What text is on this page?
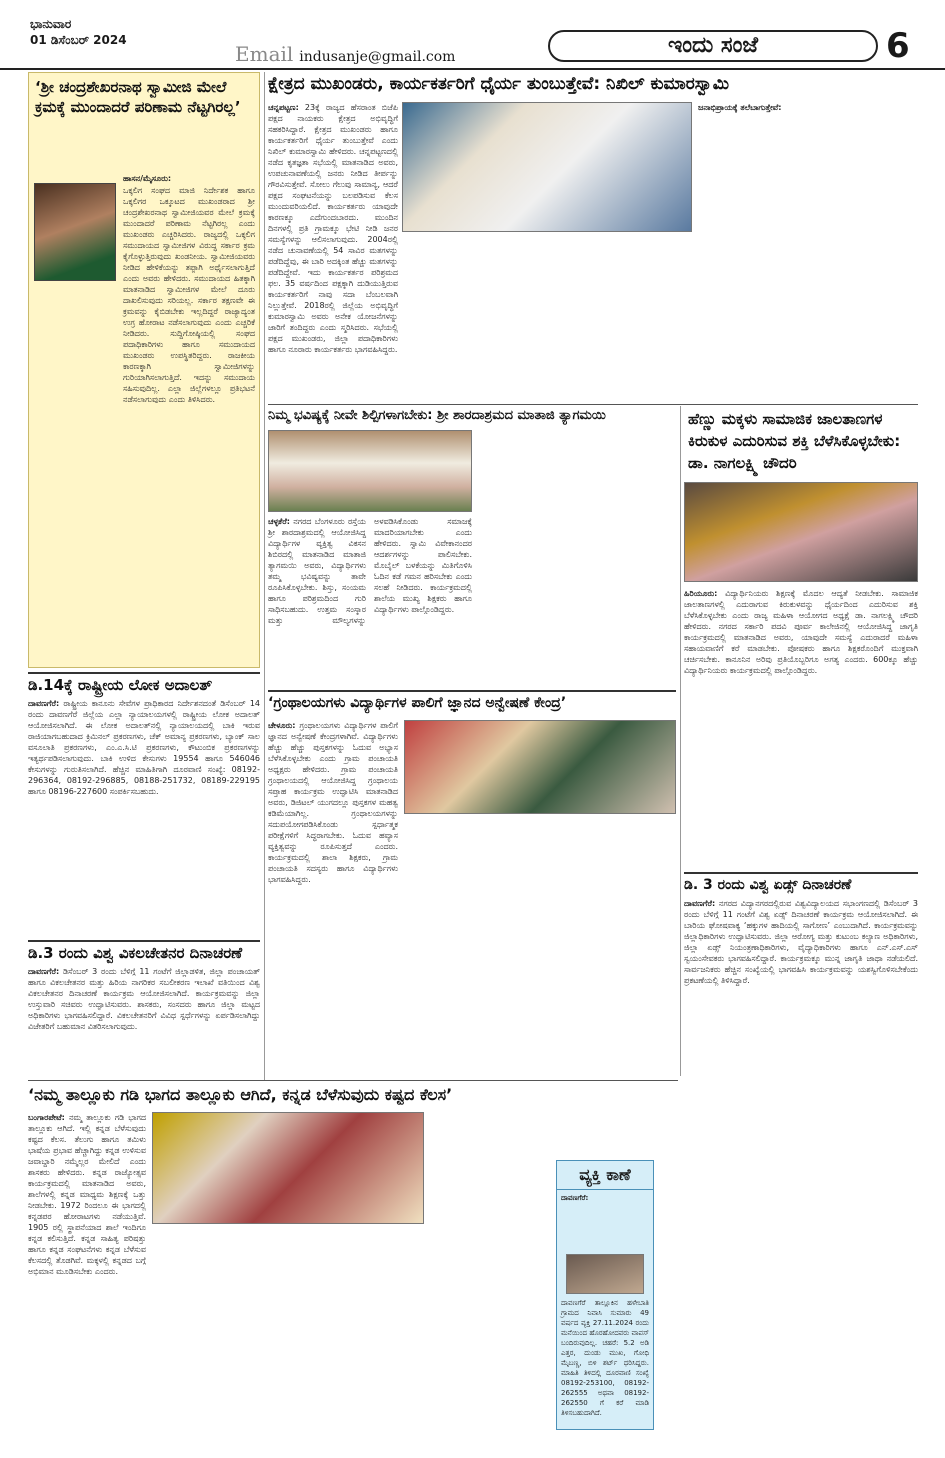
ಭಾನುವಾರ
01 ಡಿಸೆಂಬರ್ 2024
Email indusanje@gmail.com	ಇಂದು ಸಂಜೆ	6
‘ಶ್ರೀ ಚಂದ್ರಶೇಖರನಾಥ ಸ್ವಾಮೀಜಿ ಮೇಲೆ ಕ್ರಮಕ್ಕೆ ಮುಂದಾದರೆ ಪರಿಣಾಮ ನೆಟ್ಟಗಿರಲ್ಲ’
ಹಾಸನ/ಮೈಸೂರು:
ಒಕ್ಕಲಿಗ ಸಂಘದ ಮಾಜಿ ನಿರ್ದೇಶಕ ಹಾಗೂ ಒಕ್ಕಲಿಗರ ಒಕ್ಕೂಟದ ಮುಖಂಡರಾದ ಶ್ರೀ ಚಂದ್ರಶೇಖರನಾಥ ಸ್ವಾಮೀಜಿಯವರ ಮೇಲೆ ಕ್ರಮಕ್ಕೆ ಮುಂದಾದರೆ ಪರಿಣಾಮ ನೆಟ್ಟಗಿರಲ್ಲ ಎಂದು ಮುಖಂಡರು ಎಚ್ಚರಿಸಿದರು. ರಾಜ್ಯದಲ್ಲಿ ಒಕ್ಕಲಿಗ ಸಮುದಾಯದ ಸ್ವಾಮೀಜಿಗಳ ವಿರುದ್ಧ ಸರ್ಕಾರ ಕ್ರಮ ಕೈಗೊಳ್ಳುತ್ತಿರುವುದು ಖಂಡನೀಯ. ಸ್ವಾಮೀಜಿಯವರು ನೀಡಿದ ಹೇಳಿಕೆಯನ್ನು ತಪ್ಪಾಗಿ ಅರ್ಥೈಸಲಾಗುತ್ತಿದೆ ಎಂದು ಅವರು ಹೇಳಿದರು. ಸಮುದಾಯದ ಹಿತಕ್ಕಾಗಿ ಮಾತನಾಡಿದ ಸ್ವಾಮೀಜಿಗಳ ಮೇಲೆ ದೂರು ದಾಖಲಿಸುವುದು ಸರಿಯಲ್ಲ. ಸರ್ಕಾರ ತಕ್ಷಣವೇ ಈ ಕ್ರಮವನ್ನು ಕೈಬಿಡಬೇಕು ಇಲ್ಲದಿದ್ದರೆ ರಾಜ್ಯಾದ್ಯಂತ ಉಗ್ರ ಹೋರಾಟ ನಡೆಸಲಾಗುವುದು ಎಂದು ಎಚ್ಚರಿಕೆ ನೀಡಿದರು. ಸುದ್ದಿಗೋಷ್ಠಿಯಲ್ಲಿ ಸಂಘದ ಪದಾಧಿಕಾರಿಗಳು ಹಾಗೂ ಸಮುದಾಯದ ಮುಖಂಡರು ಉಪಸ್ಥಿತರಿದ್ದರು. ರಾಜಕೀಯ ಕಾರಣಕ್ಕಾಗಿ ಸ್ವಾಮೀಜಿಗಳನ್ನು ಗುರಿಯಾಗಿಸಲಾಗುತ್ತಿದೆ. ಇದನ್ನು ಸಮುದಾಯ ಸಹಿಸುವುದಿಲ್ಲ. ಎಲ್ಲಾ ಜಿಲ್ಲೆಗಳಲ್ಲೂ ಪ್ರತಿಭಟನೆ ನಡೆಸಲಾಗುವುದು ಎಂದು ತಿಳಿಸಿದರು.
ಡಿ.14ಕ್ಕೆ ರಾಷ್ಟ್ರೀಯ ಲೋಕ ಅದಾಲತ್
ದಾವಣಗೆರೆ: ರಾಷ್ಟ್ರೀಯ ಕಾನೂನು ಸೇವೆಗಳ ಪ್ರಾಧಿಕಾರದ ನಿರ್ದೇಶನದಂತೆ ಡಿಸೆಂಬರ್ 14 ರಂದು ದಾವಣಗೆರೆ ಜಿಲ್ಲೆಯ ಎಲ್ಲಾ ನ್ಯಾಯಾಲಯಗಳಲ್ಲಿ ರಾಷ್ಟ್ರೀಯ ಲೋಕ ಅದಾಲತ್ ಆಯೋಜಿಸಲಾಗಿದೆ. ಈ ಲೋಕ ಅದಾಲತ್‌ನಲ್ಲಿ ನ್ಯಾಯಾಲಯದಲ್ಲಿ ಬಾಕಿ ಇರುವ ರಾಜಿಯಾಗಬಹುದಾದ ಕ್ರಿಮಿನಲ್ ಪ್ರಕರಣಗಳು, ಚೆಕ್ ಅಮಾನ್ಯ ಪ್ರಕರಣಗಳು, ಬ್ಯಾಂಕ್ ಸಾಲ ವಸೂಲಾತಿ ಪ್ರಕರಣಗಳು, ಎಂ.ಎ.ಸಿ.ಟಿ ಪ್ರಕರಣಗಳು, ಕೌಟುಂಬಿಕ ಪ್ರಕರಣಗಳನ್ನು ಇತ್ಯರ್ಥಪಡಿಸಲಾಗುವುದು. ಬಾಕಿ ಉಳಿದ ಕೇಸುಗಳು 19554 ಹಾಗೂ 546046 ಕೇಸುಗಳನ್ನು ಗುರುತಿಸಲಾಗಿದೆ. ಹೆಚ್ಚಿನ ಮಾಹಿತಿಗಾಗಿ ದೂರವಾಣಿ ಸಂಖ್ಯೆ: 08192-296364, 08192-296885, 08188-251732, 08189-229195 ಹಾಗೂ 08196-227600 ಸಂಪರ್ಕಿಸಬಹುದು.
ಡಿ.3 ರಂದು ವಿಶ್ವ ವಿಕಲಚೇತನರ ದಿನಾಚರಣೆ
ದಾವಣಗೆರೆ: ಡಿಸೆಂಬರ್ 3 ರಂದು ಬೆಳಿಗ್ಗೆ 11 ಗಂಟೆಗೆ ಜಿಲ್ಲಾಡಳಿತ, ಜಿಲ್ಲಾ ಪಂಚಾಯತ್ ಹಾಗೂ ವಿಕಲಚೇತನರ ಮತ್ತು ಹಿರಿಯ ನಾಗರಿಕರ ಸಬಲೀಕರಣ ಇಲಾಖೆ ವತಿಯಿಂದ ವಿಶ್ವ ವಿಕಲಚೇತನರ ದಿನಾಚರಣೆ ಕಾರ್ಯಕ್ರಮ ಆಯೋಜಿಸಲಾಗಿದೆ. ಕಾರ್ಯಕ್ರಮವನ್ನು ಜಿಲ್ಲಾ ಉಸ್ತುವಾರಿ ಸಚಿವರು ಉದ್ಘಾಟಿಸುವರು. ಶಾಸಕರು, ಸಂಸದರು ಹಾಗೂ ಜಿಲ್ಲಾ ಮಟ್ಟದ ಅಧಿಕಾರಿಗಳು ಭಾಗವಹಿಸಲಿದ್ದಾರೆ. ವಿಕಲಚೇತನರಿಗೆ ವಿವಿಧ ಸ್ಪರ್ಧೆಗಳನ್ನು ಏರ್ಪಡಿಸಲಾಗಿದ್ದು ವಿಜೇತರಿಗೆ ಬಹುಮಾನ ವಿತರಿಸಲಾಗುವುದು.
ಕ್ಷೇತ್ರದ ಮುಖಂಡರು, ಕಾರ್ಯಕರ್ತರಿಗೆ ಧೈರ್ಯ ತುಂಬುತ್ತೇವೆ: ನಿಖಿಲ್ ಕುಮಾರಸ್ವಾಮಿ
ಚನ್ನಪಟ್ಟಣ: 23ಕ್ಕೆ ರಾಜ್ಯದ ಹೆಸರಾಂತ ಬಿಜೆಪಿ ಪಕ್ಷದ ನಾಯಕರು ಕ್ಷೇತ್ರದ ಅಭಿವೃದ್ಧಿಗೆ ಸಹಕರಿಸಿದ್ದಾರೆ. ಕ್ಷೇತ್ರದ ಮುಖಂಡರು ಹಾಗೂ ಕಾರ್ಯಕರ್ತರಿಗೆ ಧೈರ್ಯ ತುಂಬುತ್ತೇವೆ ಎಂದು ನಿಖಿಲ್ ಕುಮಾರಸ್ವಾಮಿ ಹೇಳಿದರು. ಚನ್ನಪಟ್ಟಣದಲ್ಲಿ ನಡೆದ ಕೃತಜ್ಞತಾ ಸಭೆಯಲ್ಲಿ ಮಾತನಾಡಿದ ಅವರು, ಉಪಚುನಾವಣೆಯಲ್ಲಿ ಜನರು ನೀಡಿದ ತೀರ್ಪನ್ನು ಗೌರವಿಸುತ್ತೇವೆ. ಸೋಲು ಗೆಲುವು ಸಾಮಾನ್ಯ, ಆದರೆ ಪಕ್ಷದ ಸಂಘಟನೆಯನ್ನು ಬಲಪಡಿಸುವ ಕೆಲಸ ಮುಂದುವರಿಯಲಿದೆ. ಕಾರ್ಯಕರ್ತರು ಯಾವುದೇ ಕಾರಣಕ್ಕೂ ಎದೆಗುಂದಬಾರದು. ಮುಂದಿನ ದಿನಗಳಲ್ಲಿ ಪ್ರತಿ ಗ್ರಾಮಕ್ಕೂ ಭೇಟಿ ನೀಡಿ ಜನರ ಸಮಸ್ಯೆಗಳನ್ನು ಆಲಿಸಲಾಗುವುದು. 2004ರಲ್ಲಿ ನಡೆದ ಚುನಾವಣೆಯಲ್ಲಿ 54 ಸಾವಿರ ಮತಗಳನ್ನು ಪಡೆದಿದ್ದೆವು, ಈ ಬಾರಿ ಅದಕ್ಕಿಂತ ಹೆಚ್ಚು ಮತಗಳನ್ನು ಪಡೆದಿದ್ದೇವೆ. ಇದು ಕಾರ್ಯಕರ್ತರ ಪರಿಶ್ರಮದ ಫಲ. 35 ವರ್ಷದಿಂದ ಪಕ್ಷಕ್ಕಾಗಿ ದುಡಿಯುತ್ತಿರುವ ಕಾರ್ಯಕರ್ತರಿಗೆ ನಾವು ಸದಾ ಬೆಂಬಲವಾಗಿ ನಿಲ್ಲುತ್ತೇವೆ. 2018ರಲ್ಲಿ ಜಿಲ್ಲೆಯ ಅಭಿವೃದ್ಧಿಗೆ ಕುಮಾರಸ್ವಾಮಿ ಅವರು ಅನೇಕ ಯೋಜನೆಗಳನ್ನು ಜಾರಿಗೆ ತಂದಿದ್ದರು ಎಂದು ಸ್ಮರಿಸಿದರು. ಸಭೆಯಲ್ಲಿ ಪಕ್ಷದ ಮುಖಂಡರು, ಜಿಲ್ಲಾ ಪದಾಧಿಕಾರಿಗಳು ಹಾಗೂ ನೂರಾರು ಕಾರ್ಯಕರ್ತರು ಭಾಗವಹಿಸಿದ್ದರು.
ಜನಾಭಿಪ್ರಾಯಕ್ಕೆ ತಲೆಬಾಗುತ್ತೇವೆ:
ನಿಮ್ಮ ಭವಿಷ್ಯಕ್ಕೆ ನೀವೇ ಶಿಲ್ಪಿಗಳಾಗಬೇಕು: ಶ್ರೀ ಶಾರದಾಶ್ರಮದ ಮಾತಾಜಿ ತ್ಯಾಗಮಯಿ
ಚಳ್ಳಕೆರೆ: ನಗರದ ಬೆಂಗಳೂರು ರಸ್ತೆಯ ಶ್ರೀ ಶಾರದಾಶ್ರಮದಲ್ಲಿ ಆಯೋಜಿಸಿದ್ದ ವಿದ್ಯಾರ್ಥಿಗಳ ವ್ಯಕ್ತಿತ್ವ ವಿಕಸನ ಶಿಬಿರದಲ್ಲಿ ಮಾತನಾಡಿದ ಮಾತಾಜಿ ತ್ಯಾಗಮಯಿ ಅವರು, ವಿದ್ಯಾರ್ಥಿಗಳು ತಮ್ಮ ಭವಿಷ್ಯವನ್ನು ತಾವೇ ರೂಪಿಸಿಕೊಳ್ಳಬೇಕು. ಶಿಸ್ತು, ಸಂಯಮ ಹಾಗೂ ಪರಿಶ್ರಮದಿಂದ ಗುರಿ ಸಾಧಿಸಬಹುದು. ಉತ್ತಮ ಸಂಸ್ಕಾರ ಮತ್ತು ಮೌಲ್ಯಗಳನ್ನು ಅಳವಡಿಸಿಕೊಂಡು ಸಮಾಜಕ್ಕೆ ಮಾದರಿಯಾಗಬೇಕು ಎಂದು ಹೇಳಿದರು. ಸ್ವಾಮಿ ವಿವೇಕಾನಂದರ ಆದರ್ಶಗಳನ್ನು ಪಾಲಿಸಬೇಕು. ಮೊಬೈಲ್ ಬಳಕೆಯನ್ನು ಮಿತಿಗೊಳಿಸಿ ಓದಿನ ಕಡೆ ಗಮನ ಹರಿಸಬೇಕು ಎಂದು ಸಲಹೆ ನೀಡಿದರು. ಕಾರ್ಯಕ್ರಮದಲ್ಲಿ ಶಾಲೆಯ ಮುಖ್ಯ ಶಿಕ್ಷಕರು ಹಾಗೂ ವಿದ್ಯಾರ್ಥಿಗಳು ಪಾಲ್ಗೊಂಡಿದ್ದರು.
‘ಗ್ರಂಥಾಲಯಗಳು ವಿದ್ಯಾರ್ಥಿಗಳ ಪಾಲಿಗೆ ಜ್ಞಾನದ ಅನ್ವೇಷಣೆ ಕೇಂದ್ರ’
ಚೇಳೂರು: ಗ್ರಂಥಾಲಯಗಳು ವಿದ್ಯಾರ್ಥಿಗಳ ಪಾಲಿಗೆ ಜ್ಞಾನದ ಅನ್ವೇಷಣೆ ಕೇಂದ್ರಗಳಾಗಿವೆ. ವಿದ್ಯಾರ್ಥಿಗಳು ಹೆಚ್ಚು ಹೆಚ್ಚು ಪುಸ್ತಕಗಳನ್ನು ಓದುವ ಅಭ್ಯಾಸ ಬೆಳೆಸಿಕೊಳ್ಳಬೇಕು ಎಂದು ಗ್ರಾಮ ಪಂಚಾಯತಿ ಅಧ್ಯಕ್ಷರು ಹೇಳಿದರು. ಗ್ರಾಮ ಪಂಚಾಯತಿ ಗ್ರಂಥಾಲಯದಲ್ಲಿ ಆಯೋಜಿಸಿದ್ದ ಗ್ರಂಥಾಲಯ ಸಪ್ತಾಹ ಕಾರ್ಯಕ್ರಮ ಉದ್ಘಾಟಿಸಿ ಮಾತನಾಡಿದ ಅವರು, ಡಿಜಿಟಲ್ ಯುಗದಲ್ಲೂ ಪುಸ್ತಕಗಳ ಮಹತ್ವ ಕಡಿಮೆಯಾಗಿಲ್ಲ. ಗ್ರಂಥಾಲಯಗಳನ್ನು ಸದುಪಯೋಗಪಡಿಸಿಕೊಂಡು ಸ್ಪರ್ಧಾತ್ಮಕ ಪರೀಕ್ಷೆಗಳಿಗೆ ಸಿದ್ಧರಾಗಬೇಕು. ಓದುವ ಹವ್ಯಾಸ ವ್ಯಕ್ತಿತ್ವವನ್ನು ರೂಪಿಸುತ್ತದೆ ಎಂದರು. ಕಾರ್ಯಕ್ರಮದಲ್ಲಿ ಶಾಲಾ ಶಿಕ್ಷಕರು, ಗ್ರಾಮ ಪಂಚಾಯತಿ ಸದಸ್ಯರು ಹಾಗೂ ವಿದ್ಯಾರ್ಥಿಗಳು ಭಾಗವಹಿಸಿದ್ದರು.
ಹೆಣ್ಣು ಮಕ್ಕಳು ಸಾಮಾಜಿಕ ಜಾಲತಾಣಗಳ ಕಿರುಕುಳ ಎದುರಿಸುವ ಶಕ್ತಿ ಬೆಳೆಸಿಕೊಳ್ಳಬೇಕು: ಡಾ. ನಾಗಲಕ್ಷ್ಮಿ ಚೌದರಿ
ಹಿರಿಯೂರು: ವಿದ್ಯಾರ್ಥಿನಿಯರು ಶಿಕ್ಷಣಕ್ಕೆ ಮೊದಲ ಆದ್ಯತೆ ನೀಡಬೇಕು. ಸಾಮಾಜಿಕ ಜಾಲತಾಣಗಳಲ್ಲಿ ಎದುರಾಗುವ ಕಿರುಕುಳವನ್ನು ಧೈರ್ಯದಿಂದ ಎದುರಿಸುವ ಶಕ್ತಿ ಬೆಳೆಸಿಕೊಳ್ಳಬೇಕು ಎಂದು ರಾಜ್ಯ ಮಹಿಳಾ ಆಯೋಗದ ಅಧ್ಯಕ್ಷೆ ಡಾ. ನಾಗಲಕ್ಷ್ಮಿ ಚೌದರಿ ಹೇಳಿದರು. ನಗರದ ಸರ್ಕಾರಿ ಪದವಿ ಪೂರ್ವ ಕಾಲೇಜಿನಲ್ಲಿ ಆಯೋಜಿಸಿದ್ದ ಜಾಗೃತಿ ಕಾರ್ಯಕ್ರಮದಲ್ಲಿ ಮಾತನಾಡಿದ ಅವರು, ಯಾವುದೇ ಸಮಸ್ಯೆ ಎದುರಾದರೆ ಮಹಿಳಾ ಸಹಾಯವಾಣಿಗೆ ಕರೆ ಮಾಡಬೇಕು. ಪೋಷಕರು ಹಾಗೂ ಶಿಕ್ಷಕರೊಂದಿಗೆ ಮುಕ್ತವಾಗಿ ಚರ್ಚಿಸಬೇಕು. ಕಾನೂನಿನ ಅರಿವು ಪ್ರತಿಯೊಬ್ಬರಿಗೂ ಅಗತ್ಯ ಎಂದರು. 600ಕ್ಕೂ ಹೆಚ್ಚು ವಿದ್ಯಾರ್ಥಿನಿಯರು ಕಾರ್ಯಕ್ರಮದಲ್ಲಿ ಪಾಲ್ಗೊಂಡಿದ್ದರು.
ಡಿ. 3 ರಂದು ವಿಶ್ವ ಏಡ್ಸ್ ದಿನಾಚರಣೆ
ದಾವಣಗೆರೆ: ನಗರದ ವಿದ್ಯಾನಗರದಲ್ಲಿರುವ ವಿಶ್ವವಿದ್ಯಾಲಯದ ಸಭಾಂಗಣದಲ್ಲಿ ಡಿಸೆಂಬರ್ 3 ರಂದು ಬೆಳಿಗ್ಗೆ 11 ಗಂಟೆಗೆ ವಿಶ್ವ ಏಡ್ಸ್ ದಿನಾಚರಣೆ ಕಾರ್ಯಕ್ರಮ ಆಯೋಜಿಸಲಾಗಿದೆ. ಈ ಬಾರಿಯ ಘೋಷವಾಕ್ಯ ‘ಹಕ್ಕುಗಳ ಹಾದಿಯಲ್ಲಿ ಸಾಗೋಣ’ ಎಂಬುದಾಗಿದೆ. ಕಾರ್ಯಕ್ರಮವನ್ನು ಜಿಲ್ಲಾಧಿಕಾರಿಗಳು ಉದ್ಘಾಟಿಸುವರು. ಜಿಲ್ಲಾ ಆರೋಗ್ಯ ಮತ್ತು ಕುಟುಂಬ ಕಲ್ಯಾಣ ಅಧಿಕಾರಿಗಳು, ಜಿಲ್ಲಾ ಏಡ್ಸ್ ನಿಯಂತ್ರಣಾಧಿಕಾರಿಗಳು, ವೈದ್ಯಾಧಿಕಾರಿಗಳು ಹಾಗೂ ಎನ್.ಎಸ್.ಎಸ್ ಸ್ವಯಂಸೇವಕರು ಭಾಗವಹಿಸಲಿದ್ದಾರೆ. ಕಾರ್ಯಕ್ರಮಕ್ಕೂ ಮುನ್ನ ಜಾಗೃತಿ ಜಾಥಾ ನಡೆಯಲಿದೆ. ಸಾರ್ವಜನಿಕರು ಹೆಚ್ಚಿನ ಸಂಖ್ಯೆಯಲ್ಲಿ ಭಾಗವಹಿಸಿ ಕಾರ್ಯಕ್ರಮವನ್ನು ಯಶಸ್ವಿಗೊಳಿಸಬೇಕೆಂದು ಪ್ರಕಟಣೆಯಲ್ಲಿ ತಿಳಿಸಿದ್ದಾರೆ.
‘ನಮ್ಮ ತಾಲ್ಲೂಕು ಗಡಿ ಭಾಗದ ತಾಲ್ಲೂಕು ಆಗಿದೆ, ಕನ್ನಡ ಬೆಳೆಸುವುದು ಕಷ್ಟದ ಕೆಲಸ’
ಬಂಗಾರಪೇಟೆ: ನಮ್ಮ ತಾಲ್ಲೂಕು ಗಡಿ ಭಾಗದ ತಾಲ್ಲೂಕು ಆಗಿದೆ. ಇಲ್ಲಿ ಕನ್ನಡ ಬೆಳೆಸುವುದು ಕಷ್ಟದ ಕೆಲಸ. ತೆಲುಗು ಹಾಗೂ ತಮಿಳು ಭಾಷೆಯ ಪ್ರಭಾವ ಹೆಚ್ಚಾಗಿದ್ದು ಕನ್ನಡ ಉಳಿಸುವ ಜವಾಬ್ದಾರಿ ನಮ್ಮೆಲ್ಲರ ಮೇಲಿದೆ ಎಂದು ಶಾಸಕರು ಹೇಳಿದರು. ಕನ್ನಡ ರಾಜ್ಯೋತ್ಸವ ಕಾರ್ಯಕ್ರಮದಲ್ಲಿ ಮಾತನಾಡಿದ ಅವರು, ಶಾಲೆಗಳಲ್ಲಿ ಕನ್ನಡ ಮಾಧ್ಯಮ ಶಿಕ್ಷಣಕ್ಕೆ ಒತ್ತು ನೀಡಬೇಕು. 1972 ರಿಂದಲೂ ಈ ಭಾಗದಲ್ಲಿ ಕನ್ನಡಪರ ಹೋರಾಟಗಳು ನಡೆಯುತ್ತಿವೆ. 1905 ರಲ್ಲಿ ಸ್ಥಾಪನೆಯಾದ ಶಾಲೆ ಇಂದಿಗೂ ಕನ್ನಡ ಕಲಿಸುತ್ತಿದೆ. ಕನ್ನಡ ಸಾಹಿತ್ಯ ಪರಿಷತ್ತು ಹಾಗೂ ಕನ್ನಡ ಸಂಘಟನೆಗಳು ಕನ್ನಡ ಬೆಳೆಸುವ ಕೆಲಸದಲ್ಲಿ ತೊಡಗಿವೆ. ಮಕ್ಕಳಲ್ಲಿ ಕನ್ನಡದ ಬಗ್ಗೆ ಅಭಿಮಾನ ಮೂಡಿಸಬೇಕು ಎಂದರು.
ವ್ಯಕ್ತಿ ಕಾಣೆ
ದಾವಣಗೆರೆ:
ದಾವಣಗೆರೆ ತಾಲ್ಲೂಕಿನ ಹಳೇಬಾತಿ ಗ್ರಾಮದ ನಿವಾಸಿ ಸುಮಾರು 49 ವರ್ಷದ ವ್ಯಕ್ತಿ 27.11.2024 ರಂದು ಮನೆಯಿಂದ ಹೊರಹೋದವರು ವಾಪಸ್ ಬಂದಿರುವುದಿಲ್ಲ. ಚಹರೆ: 5.2 ಅಡಿ ಎತ್ತರ, ದುಂಡು ಮುಖ, ಗೋಧಿ ಮೈಬಣ್ಣ, ಬಿಳಿ ಶರ್ಟ್ ಧರಿಸಿದ್ದರು. ಮಾಹಿತಿ ತಿಳಿದಲ್ಲಿ ದೂರವಾಣಿ ಸಂಖ್ಯೆ 08192-253100, 08192-262555 ಅಥವಾ 08192-262550 ಗೆ ಕರೆ ಮಾಡಿ ತಿಳಿಸಬಹುದಾಗಿದೆ.
